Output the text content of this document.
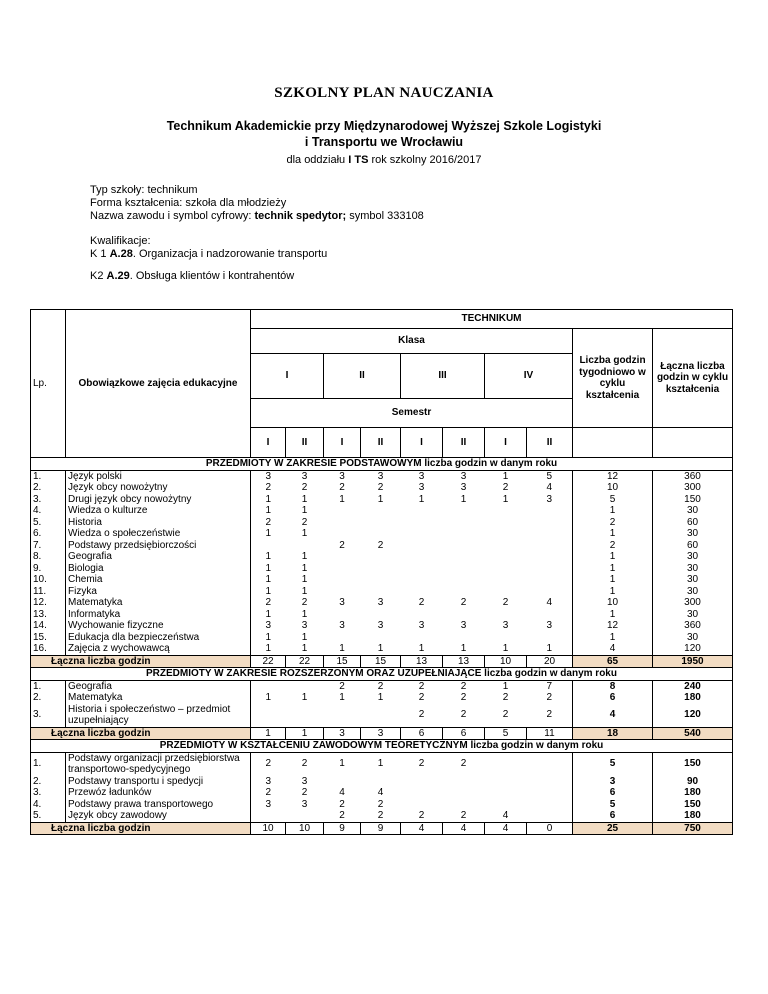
SZKOLNY PLAN NAUCZANIA
Technikum Akademickie przy Międzynarodowej Wyższej Szkole Logistyki
i Transportu we Wrocławiu
dla oddziału I TS rok szkolny 2016/2017
Typ szkoły: technikum
Forma kształcenia: szkoła dla młodzieży
Nazwa zawodu i symbol cyfrowy: technik spedytor; symbol 333108
Kwalifikacje:
K 1 A.28. Organizacja i nadzorowanie transportu
K2 A.29. Obsługa klientów i kontrahentów
Lp.	Obowiązkowe zajęcia edukacyjne	TECHNIKUM									
		Klasa								Liczba godzin tygodniowo w cyklu kształcenia	Łączna liczba godzin w cyklu kształcenia
		I		II		III		IV			
		Semestr									
		I	II	I	II	I	II	I	II		
PRZEDMIOTY W ZAKRESIE PODSTAWOWYM liczba godzin w danym roku											
1.	Język polski	3	3	3	3	3	3	1	5	12	360
2.	Język obcy nowożytny	2	2	2	2	3	3	2	4	10	300
3.	Drugi język obcy nowożytny	1	1	1	1	1	1	1	3	5	150
4.	Wiedza o kulturze	1	1							1	30
5.	Historia	2	2							2	60
6.	Wiedza o społeczeństwie	1	1							1	30
7.	Podstawy przedsiębiorczości			2	2					2	60
8.	Geografia	1	1							1	30
9.	Biologia	1	1							1	30
10.	Chemia	1	1							1	30
11.	Fizyka	1	1							1	30
12.	Matematyka	2	2	3	3	2	2	2	4	10	300
13.	Informatyka	1	1							1	30
14.	Wychowanie fizyczne	3	3	3	3	3	3	3	3	12	360
15.	Edukacja dla bezpieczeństwa	1	1							1	30
16.	Zajęcia z wychowawcą	1	1	1	1	1	1	1	1	4	120
Łączna liczba godzin		22	22	15	15	13	13	10	20	65	1950
PRZEDMIOTY W ZAKRESIE ROZSZERZONYM ORAZ UZUPEŁNIAJĄCE liczba godzin w danym roku											
1.	Geografia			2	2	2	2	1	7	8	240
2.	Matematyka	1	1	1	1	2	2	2	2	6	180
3.	Historia i społeczeństwo – przedmiot uzupełniający					2	2	2	2	4	120
Łączna liczba godzin		1	1	3	3	6	6	5	11	18	540
PRZEDMIOTY W KSZTAŁCENIU ZAWODOWYM TEORETYCZNYM liczba godzin w danym roku											
1.	Podstawy organizacji przedsiębiorstwa transportowo-spedycyjnego	2	2	1	1	2	2			5	150
2.	Podstawy transportu i spedycji	3	3							3	90
3.	Przewóz ładunków	2	2	4	4					6	180
4.	Podstawy prawa transportowego	3	3	2	2					5	150
5.	Język obcy zawodowy			2	2	2	2	4		6	180
Łączna liczba godzin		10	10	9	9	4	4	4	0	25	750
